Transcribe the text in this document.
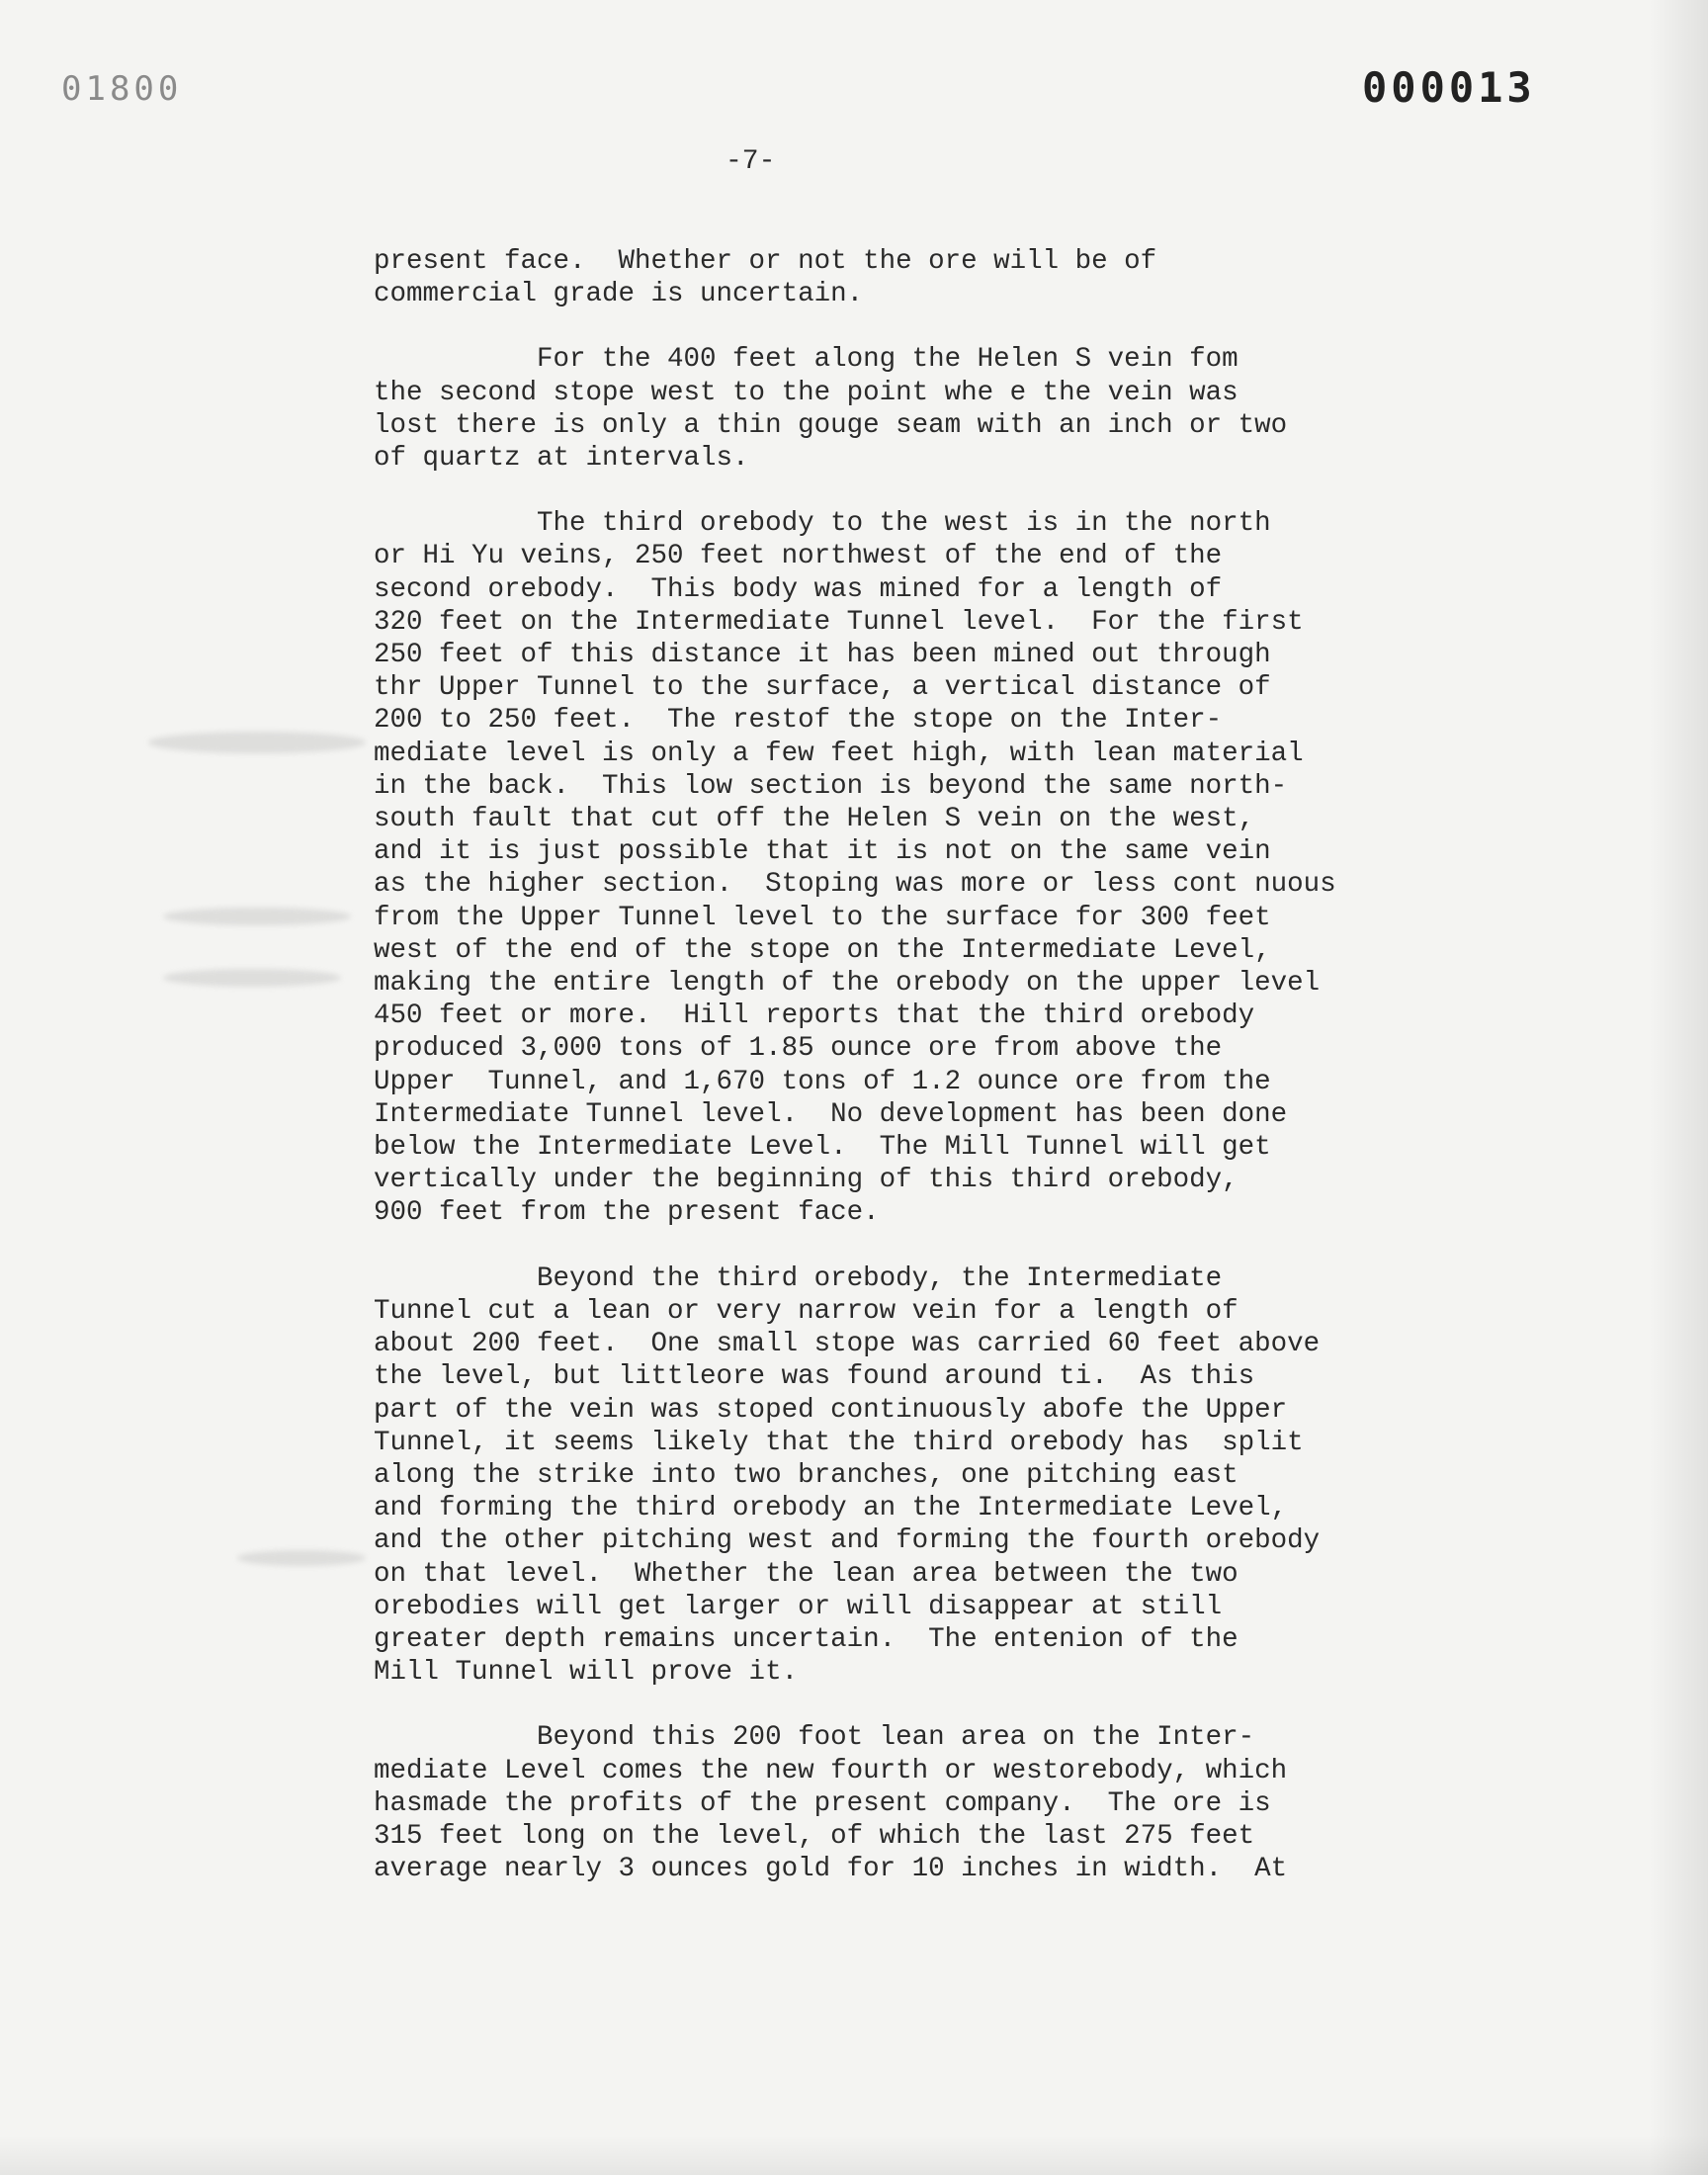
01800	000013
-7-
present face.  Whether or not the ore will be of
commercial grade is uncertain.
For the 400 feet along the Helen S vein fom
the second stope west to the point whe e the vein was
lost there is only a thin gouge seam with an inch or two
of quartz at intervals.
The third orebody to the west is in the north
or Hi Yu veins, 250 feet northwest of the end of the
second orebody.  This body was mined for a length of
320 feet on the Intermediate Tunnel level.  For the first
250 feet of this distance it has been mined out through
thr Upper Tunnel to the surface, a vertical distance of
200 to 250 feet.  The restof the stope on the Inter-
mediate level is only a few feet high, with lean material
in the back.  This low section is beyond the same north-
south fault that cut off the Helen S vein on the west,
and it is just possible that it is not on the same vein
as the higher section.  Stoping was more or less cont nuous
from the Upper Tunnel level to the surface for 300 feet
west of the end of the stope on the Intermediate Level,
making the entire length of the orebody on the upper level
450 feet or more.  Hill reports that the third orebody
produced 3,000 tons of 1.85 ounce ore from above the
Upper  Tunnel, and 1,670 tons of 1.2 ounce ore from the
Intermediate Tunnel level.  No development has been done
below the Intermediate Level.  The Mill Tunnel will get
vertically under the beginning of this third orebody,
900 feet from the present face.
Beyond the third orebody, the Intermediate
Tunnel cut a lean or very narrow vein for a length of
about 200 feet.  One small stope was carried 60 feet above
the level, but littleore was found around ti.  As this
part of the vein was stoped continuously abofe the Upper
Tunnel, it seems likely that the third orebody has  split
along the strike into two branches, one pitching east
and forming the third orebody an the Intermediate Level,
and the other pitching west and forming the fourth orebody
on that level.  Whether the lean area between the two
orebodies will get larger or will disappear at still
greater depth remains uncertain.  The entenion of the
Mill Tunnel will prove it.
Beyond this 200 foot lean area on the Inter-
mediate Level comes the new fourth or westorebody, which
hasmade the profits of the present company.  The ore is
315 feet long on the level, of which the last 275 feet
average nearly 3 ounces gold for 10 inches in width.  At
